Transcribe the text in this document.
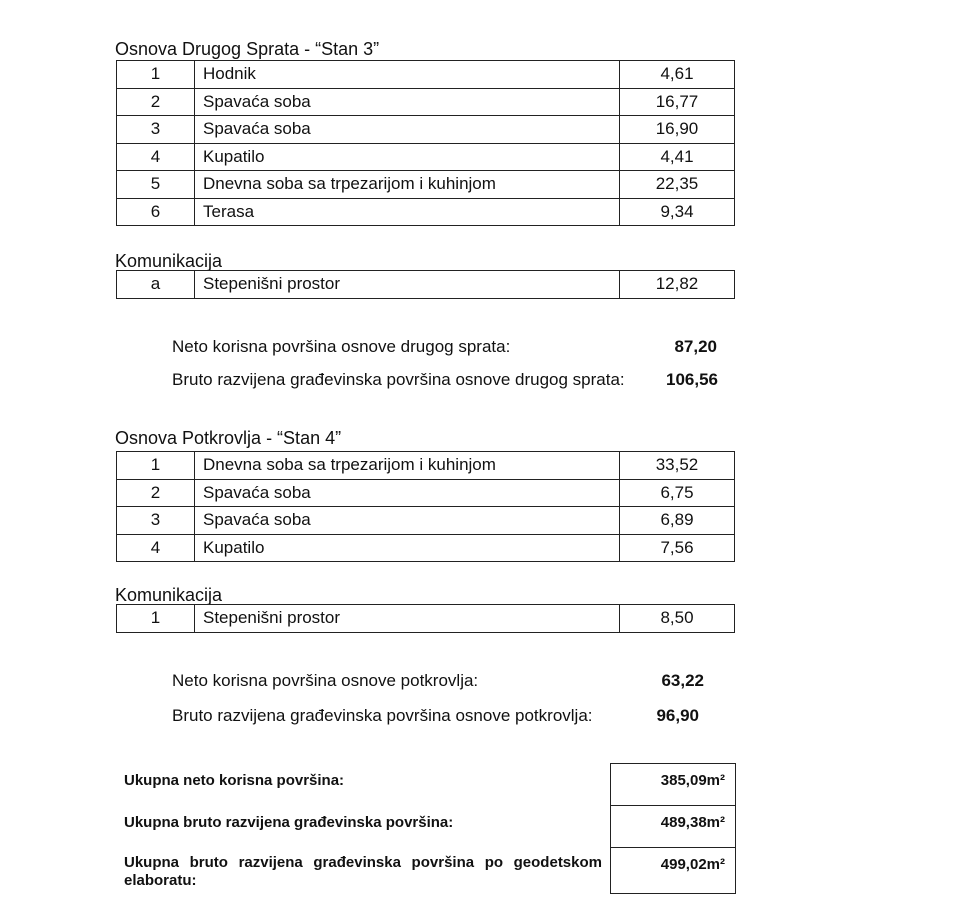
Osnova Drugog Sprata - “Stan 3”
1	Hodnik	4,61
2	Spavaća soba	16,77
3	Spavaća soba	16,90
4	Kupatilo	4,41
5	Dnevna soba sa trpezarijom i kuhinjom	22,35
6	Terasa	9,34
Komunikacija
a	Stepenišni prostor	12,82
Neto korisna površina osnove drugog sprata:	87,20
Bruto razvijena građevinska površina osnove drugog sprata:	106,56
Osnova Potkrovlja - “Stan 4”
1	Dnevna soba sa trpezarijom i kuhinjom	33,52
2	Spavaća soba	6,75
3	Spavaća soba	6,89
4	Kupatilo	7,56
Komunikacija
1	Stepenišni prostor	8,50
Neto korisna površina osnove potkrovlja:	63,22
Bruto razvijena građevinska površina osnove potkrovlja:	96,90
Ukupna neto korisna površina:	385,09m²
Ukupna bruto razvijena građevinska površina:	489,38m²
Ukupna bruto razvijena građevinska površina po geodetskom elaboratu:	499,02m²
